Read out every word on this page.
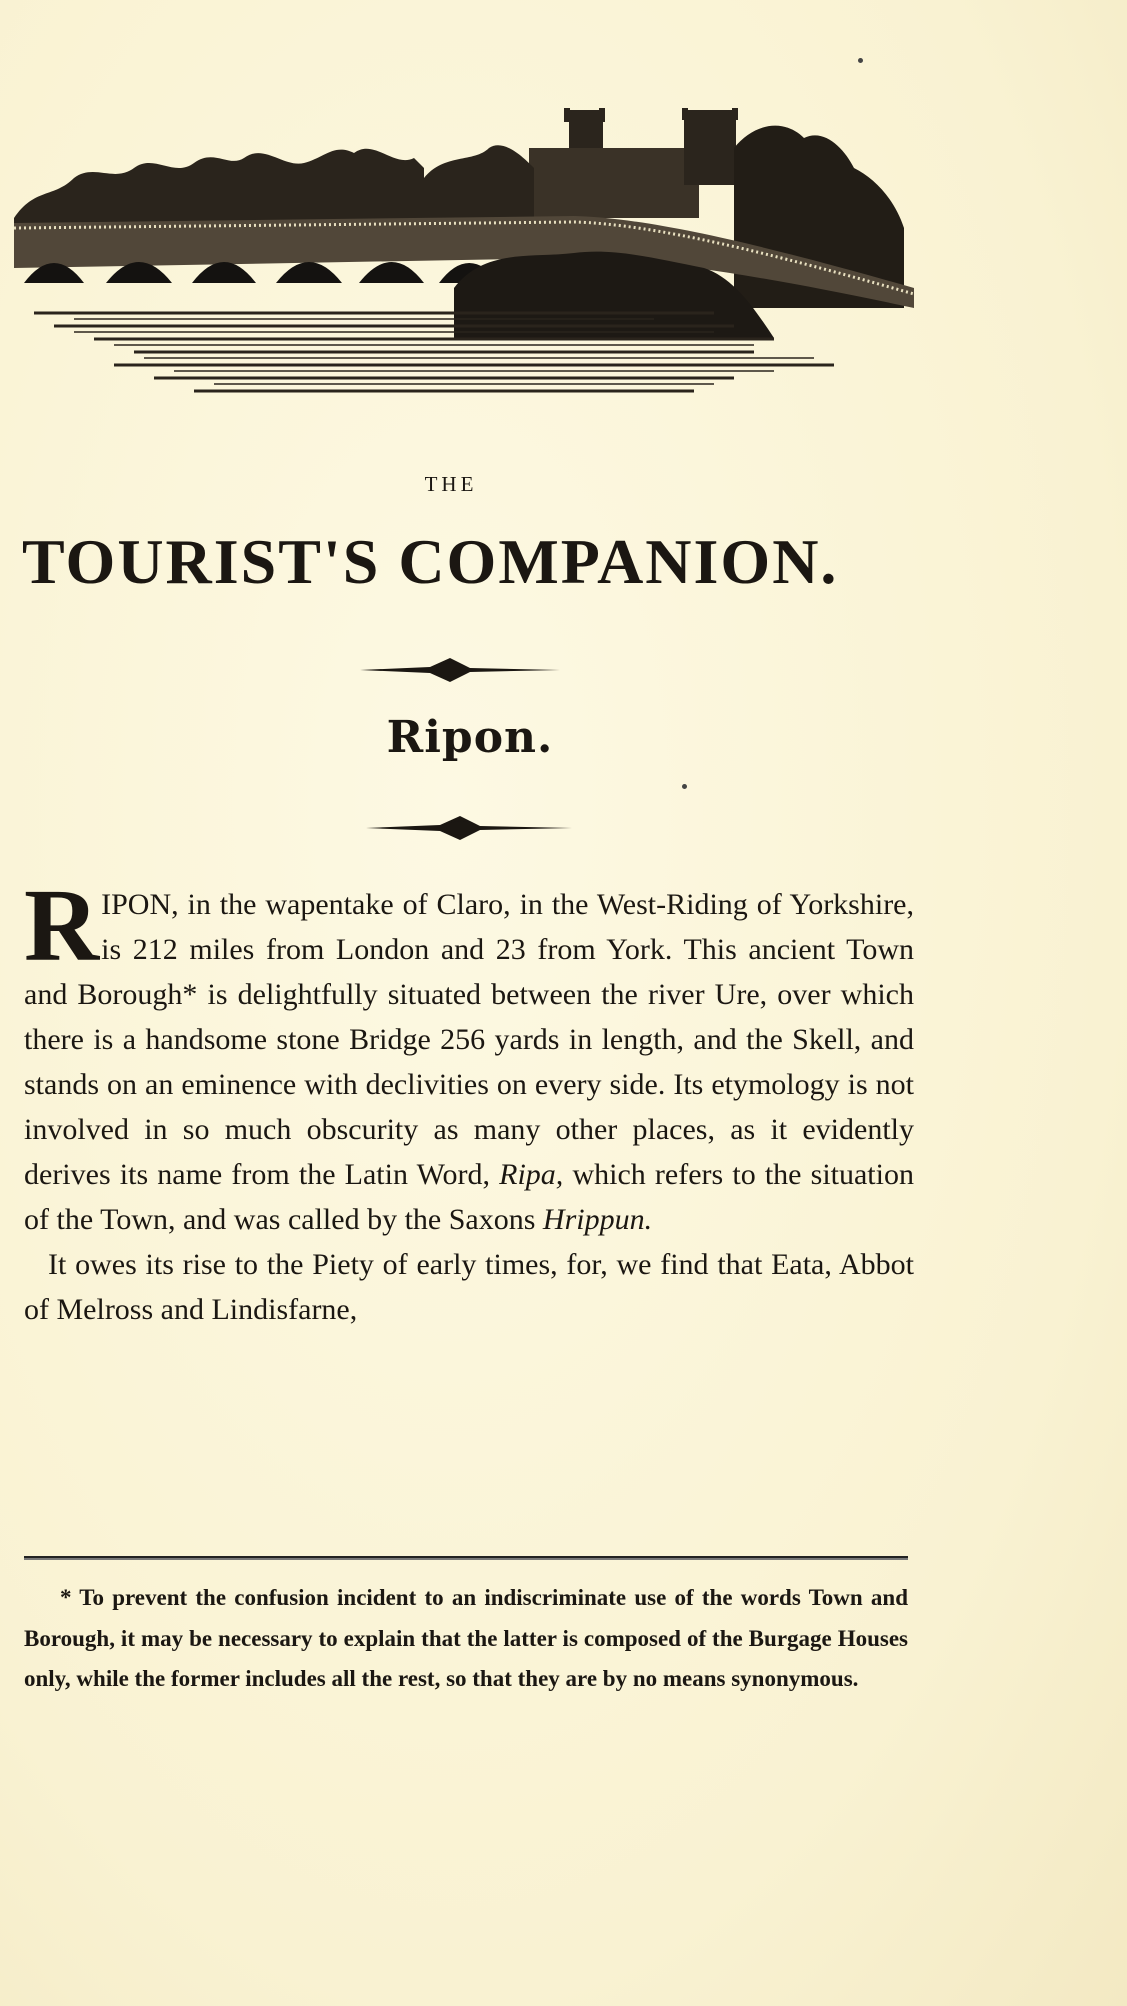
THE
TOURIST'S COMPANION.
Ripon.

RIPON, in the wapentake of Claro, in the West-Riding of Yorkshire, is 212 miles from London and 23 from York. This ancient Town and Borough* is delightfully situated between the river Ure, over which there is a handsome stone Bridge 256 yards in length, and the Skell, and stands on an eminence with declivities on every side. Its etymology is not involved in so much obscurity as many other places, as it evidently derives its name from the Latin Word, Ripa, which refers to the situation of the Town, and was called by the Saxons Hrippun.

It owes its rise to the Piety of early times, for, we find that Eata, Abbot of Melross and Lindisfarne,

* To prevent the confusion incident to an indiscriminate use of the words Town and Borough, it may be necessary to explain that the latter is composed of the Burgage Houses only, while the former includes all the rest, so that they are by no means synonymous.
